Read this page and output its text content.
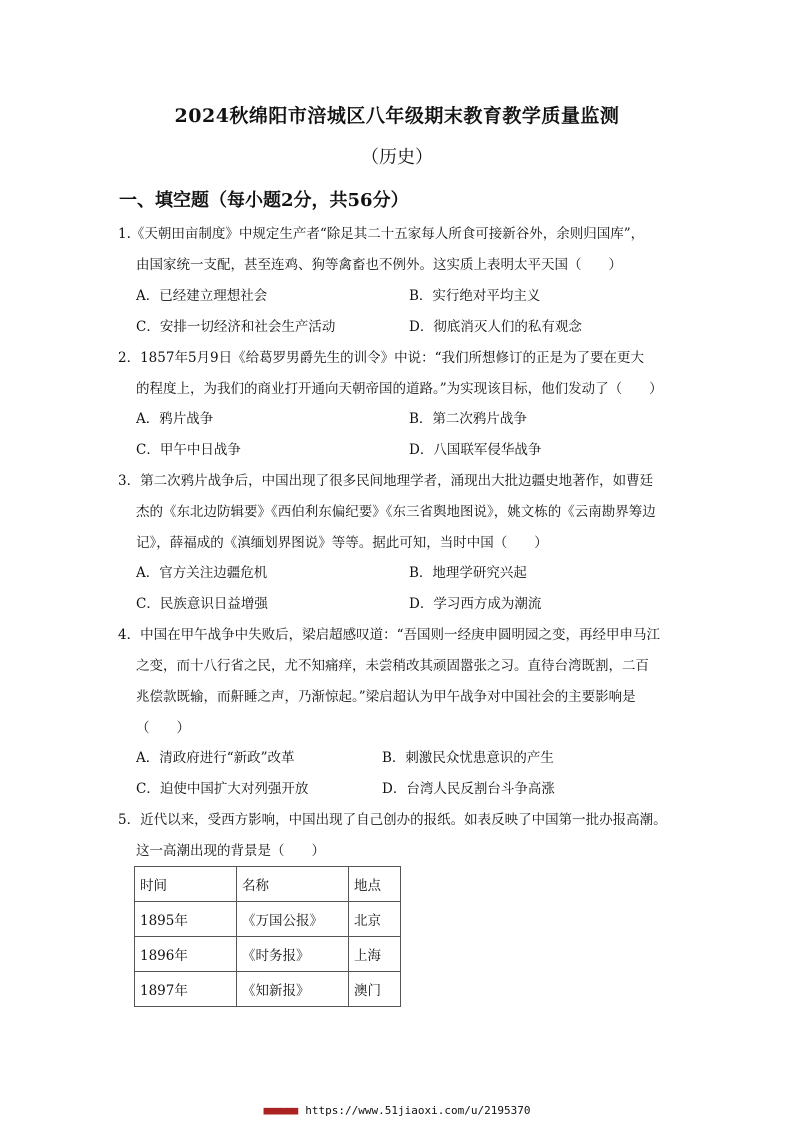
2024秋绵阳市涪城区八年级期末教育教学质量监测
（历史）
一、填空题（每小题2分，共56分）

1.《天朝田亩制度》中规定生产者“除足其二十五家每人所食可接新谷外，余则归国库”，

由国家统一支配，甚至连鸡、狗等禽畜也不例外。这实质上表明太平天国（　　）

A．已经建立理想社会	B．实行绝对平均主义
C．安排一切经济和社会生产活动	D．彻底消灭人们的私有观念

2．1857年5月9日《给葛罗男爵先生的训令》中说：“我们所想修订的正是为了要在更大

的程度上，为我们的商业打开通向天朝帝国的道路。”为实现该目标，他们发动了（　　）

A．鸦片战争	B．第二次鸦片战争
C．甲午中日战争	D．八国联军侵华战争

3．第二次鸦片战争后，中国出现了很多民间地理学者，涌现出大批边疆史地著作，如曹廷

杰的《东北边防辑要》《西伯利东偏纪要》《东三省舆地图说》，姚文栋的《云南勘界筹边

记》，薛福成的《滇缅划界图说》等等。据此可知，当时中国（　　）

A．官方关注边疆危机	B．地理学研究兴起
C．民族意识日益增强	D．学习西方成为潮流

4．中国在甲午战争中失败后，梁启超感叹道：“吾国则一经庚申圆明园之变，再经甲申马江

之变，而十八行省之民，尤不知痛痒，未尝稍改其顽固嚣张之习。直待台湾既割，二百

兆偿款既输，而鼾睡之声，乃渐惊起。”梁启超认为甲午战争对中国社会的主要影响是

（　　）

A．清政府进行“新政”改革	B．刺激民众忧患意识的产生
C．迫使中国扩大对列强开放	D．台湾人民反割台斗争高涨

5．近代以来，受西方影响，中国出现了自己创办的报纸。如表反映了中国第一批办报高潮。

这一高潮出现的背景是（　　）

时间	名称	地点
1895年	《万国公报》	北京
1896年	《时务报》	上海
1897年	《知新报》	澳门
■■■■■■ https://www.51jiaoxi.com/u/2195370
